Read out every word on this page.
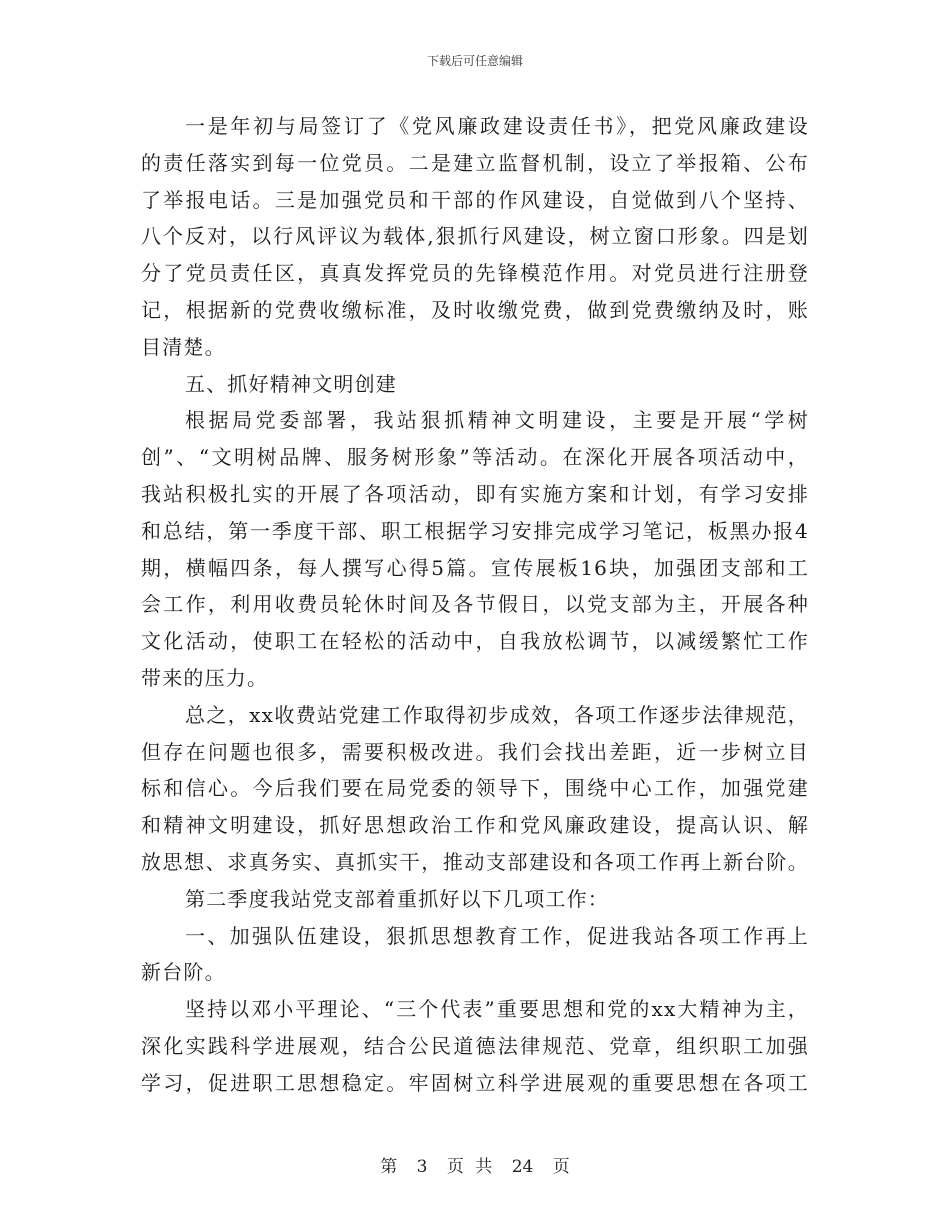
下载后可任意编辑
一是年初与局签订了《党风廉政建设责任书》，把党风廉政建设
的责任落实到每一位党员。二是建立监督机制，设立了举报箱、公布
了举报电话。三是加强党员和干部的作风建设，自觉做到八个坚持、
八个反对，以行风评议为载体,狠抓行风建设，树立窗口形象。四是划
分了党员责任区，真真发挥党员的先锋模范作用。对党员进行注册登
记，根据新的党费收缴标准，及时收缴党费，做到党费缴纳及时，账
目清楚。
五、抓好精神文明创建
根据局党委部署，我站狠抓精神文明建设，主要是开展“学树
创”、“文明树品牌、服务树形象”等活动。在深化开展各项活动中，
我站积极扎实的开展了各项活动，即有实施方案和计划，有学习安排
和总结，第一季度干部、职工根据学习安排完成学习笔记，板黑办报4
期，横幅四条，每人撰写心得5篇。宣传展板16块，加强团支部和工
会工作，利用收费员轮休时间及各节假日，以党支部为主，开展各种
文化活动，使职工在轻松的活动中，自我放松调节，以减缓繁忙工作
带来的压力。
总之，xx收费站党建工作取得初步成效，各项工作逐步法律规范，
但存在问题也很多，需要积极改进。我们会找出差距，近一步树立目
标和信心。今后我们要在局党委的领导下，围绕中心工作，加强党建
和精神文明建设，抓好思想政治工作和党风廉政建设，提高认识、解
放思想、求真务实、真抓实干，推动支部建设和各项工作再上新台阶。
第二季度我站党支部着重抓好以下几项工作：
一、加强队伍建设，狠抓思想教育工作，促进我站各项工作再上
新台阶。
坚持以邓小平理论、“三个代表”重要思想和党的xx大精神为主，
深化实践科学进展观，结合公民道德法律规范、党章，组织职工加强
学习，促进职工思想稳定。牢固树立科学进展观的重要思想在各项工
第 3 页 共 24 页
